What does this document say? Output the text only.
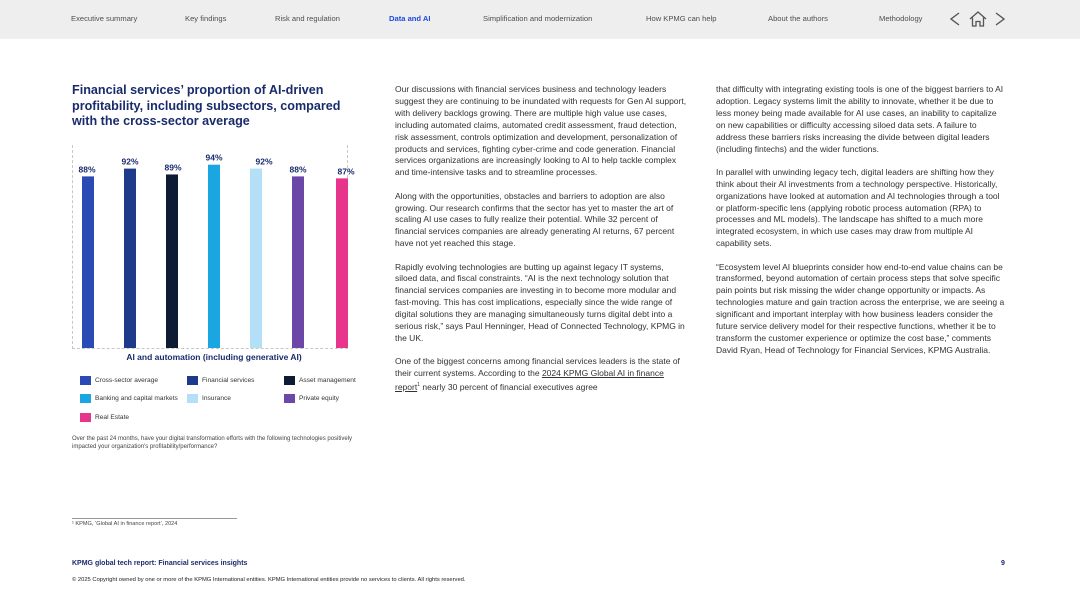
Executive summary	Key findings	Risk and regulation	Data and AI	Simplification and modernization	How KPMG can help	About the authors	Methodology
Financial services’ proportion of AI-driven profitability, including subsectors, compared with the cross-sector average
88%
92%
89%
94%	92%
88%	87%
AI and automation (including generative AI)
Cross-sector average	Financial services	Asset management
Banking and capital markets	Insurance	Private equity
Real Estate
Over the past 24 months, have your digital transformation efforts with the following technologies positively impacted your organization’s profitability/performance?

Our discussions with financial services business and technology leaders suggest they are continuing to be inundated with requests for Gen AI support, with delivery backlogs growing. There are multiple high value use cases, including automated claims, automated credit assessment, fraud detection, risk assessment, controls optimization and development, personalization of products and services, fighting cyber-crime and code generation. Financial services organizations are increasingly looking to AI to help tackle complex and time-intensive tasks and to streamline processes.

Along with the opportunities, obstacles and barriers to adoption are also growing. Our research confirms that the sector has yet to master the art of scaling AI use cases to fully realize their potential. While 32 percent of financial services companies are already generating AI returns, 67 percent have not yet reached this stage.

Rapidly evolving technologies are butting up against legacy IT systems, siloed data, and fiscal constraints. “AI is the next technology solution that financial services companies are investing in to become more modular and fast-moving. This has cost implications, especially since the wide range of digital solutions they are managing simultaneously turns digital debt into a serious risk,” says Paul Henninger, Head of Connected Technology, KPMG in the UK.

One of the biggest concerns among financial services leaders is the state of their current systems. According to the 2024 KPMG Global AI in finance report$^1$ nearly 30 percent of financial executives agree

that difficulty with integrating existing tools is one of the biggest barriers to AI adoption. Legacy systems limit the ability to innovate, whether it be due to less money being made available for AI use cases, an inability to capitalize on new capabilities or difficulty accessing siloed data sets. A failure to address these barriers risks increasing the divide between digital leaders (including fintechs) and the wider functions.

In parallel with unwinding legacy tech, digital leaders are shifting how they think about their AI investments from a technology perspective. Historically, organizations have looked at automation and AI technologies through a tool or platform-specific lens (applying robotic process automation (RPA) to processes and ML models). The landscape has shifted to a much more integrated ecosystem, in which use cases may draw from multiple AI capability sets.

“Ecosystem level AI blueprints consider how end-to-end value chains can be transformed, beyond automation of certain process steps that solve specific pain points but risk missing the wider change opportunity or impacts. As technologies mature and gain traction across the enterprise, we are seeing a significant and important interplay with how business leaders consider the future service delivery model for their respective functions, whether it be to transform the customer experience or optimize the cost base,” comments David Ryan, Head of Technology for Financial Services, KPMG Australia.

¹ KPMG, ‘Global AI in finance report’, 2024
KPMG global tech report: Financial services insights	9
© 2025 Copyright owned by one or more of the KPMG International entities. KPMG International entities provide no services to clients. All rights reserved.
